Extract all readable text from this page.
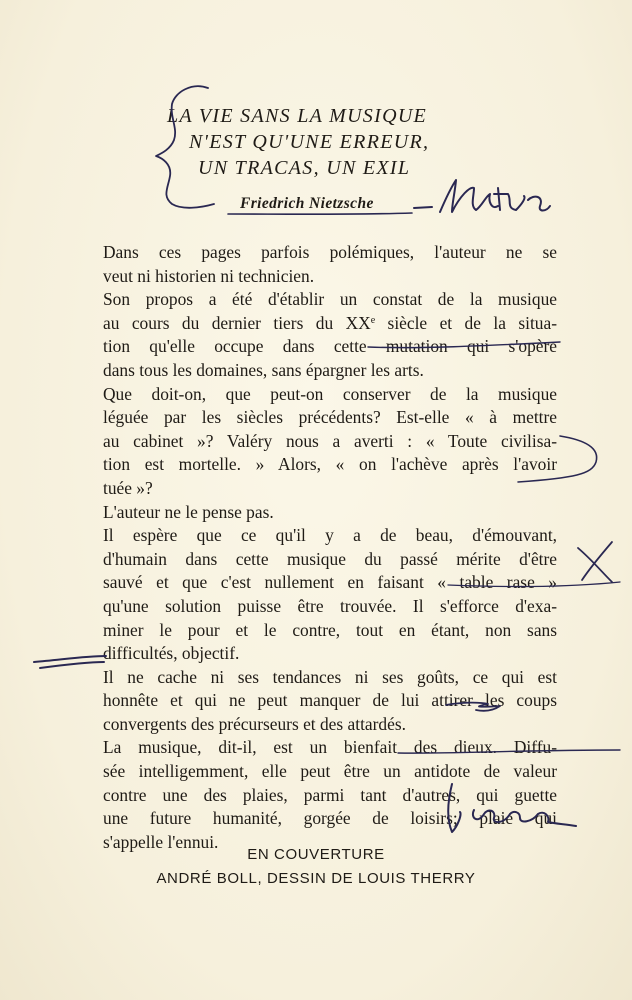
LA VIE SANS LA MUSIQUE
N'EST QU'UNE ERREUR,
UN TRACAS, UN EXIL
Friedrich Nietzsche
Dans ces pages parfois polémiques, l'auteur ne se
veut ni historien ni technicien.
Son propos a été d'établir un constat de la musique
au cours du dernier tiers du XXe siècle et de la situa-
tion qu'elle occupe dans cette mutation qui s'opère
dans tous les domaines, sans épargner les arts.
Que doit-on, que peut-on conserver de la musique
léguée par les siècles précédents? Est-elle « à mettre
au cabinet »? Valéry nous a averti : « Toute civilisa-
tion est mortelle. » Alors, « on l'achève après l'avoir
tuée »?
L'auteur ne le pense pas.
Il espère que ce qu'il y a de beau, d'émouvant,
d'humain dans cette musique du passé mérite d'être
sauvé et que c'est nullement en faisant « table rase »
qu'une solution puisse être trouvée. Il s'efforce d'exa-
miner le pour et le contre, tout en étant, non sans
difficultés, objectif.
Il ne cache ni ses tendances ni ses goûts, ce qui est
honnête et qui ne peut manquer de lui attirer les coups
convergents des précurseurs et des attardés.
La musique, dit-il, est un bienfait des dieux. Diffu-
sée intelligemment, elle peut être un antidote de valeur
contre une des plaies, parmi tant d'autres, qui guette
une future humanité, gorgée de loisirs; plaie qui
s'appelle l'ennui.
EN COUVERTURE
ANDRÉ BOLL, DESSIN DE LOUIS THERRY
